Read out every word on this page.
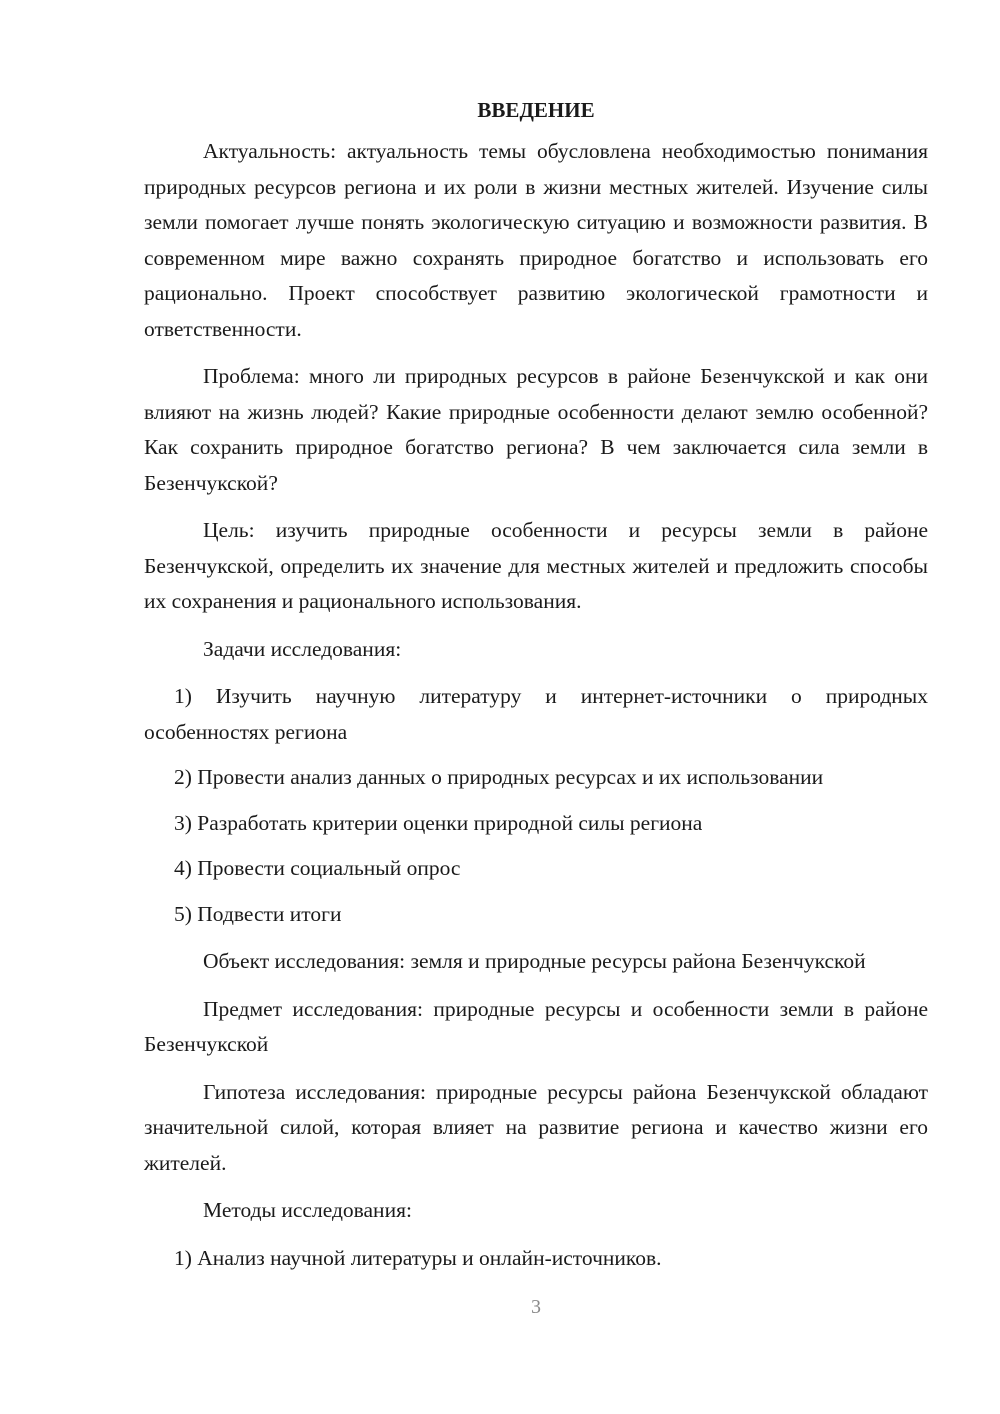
ВВЕДЕНИЕ

Актуальность: актуальность темы обусловлена необходимостью понимания природных ресурсов региона и их роли в жизни местных жителей. Изучение силы земли помогает лучше понять экологическую ситуацию и возможности развития. В современном мире важно сохранять природное богатство и использовать его рационально. Проект способствует развитию экологической грамотности и ответственности.

Проблема: много ли природных ресурсов в районе Безенчукской и как они влияют на жизнь людей? Какие природные особенности делают землю особенной? Как сохранить природное богатство региона? В чем заключается сила земли в Безенчукской?

Цель: изучить природные особенности и ресурсы земли в районе Безенчукской, определить их значение для местных жителей и предложить способы их сохранения и рационального использования.

Задачи исследования:

1) Изучить научную литературу и интернет-источники о природных особенностях региона

2) Провести анализ данных о природных ресурсах и их использовании

3) Разработать критерии оценки природной силы региона

4) Провести социальный опрос

5) Подвести итоги

Объект исследования: земля и природные ресурсы района Безенчукской

Предмет исследования: природные ресурсы и особенности земли в районе Безенчукской

Гипотеза исследования: природные ресурсы района Безенчукской обладают значительной силой, которая влияет на развитие региона и качество жизни его жителей.

Методы исследования:

1) Анализ научной литературы и онлайн-источников.

3
